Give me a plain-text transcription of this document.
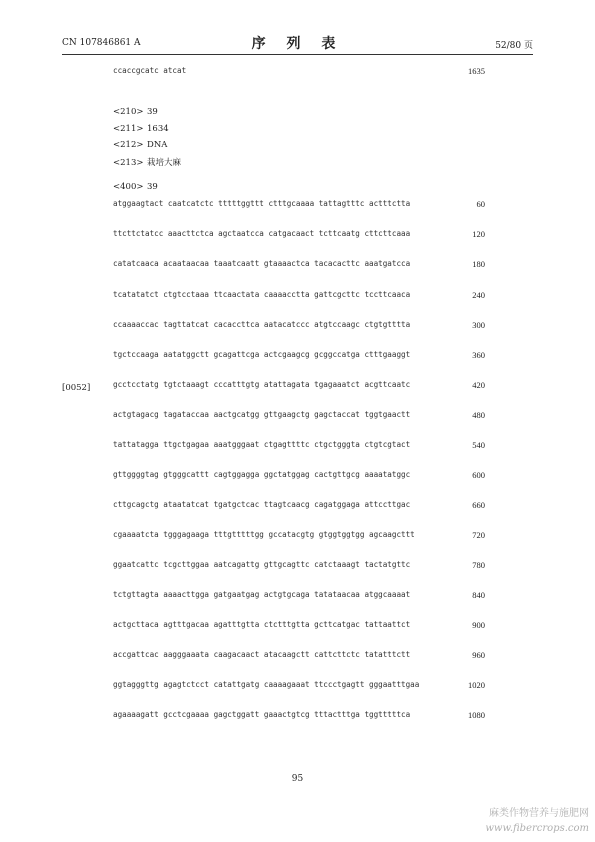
CN 107846861 A	序 列 表	52/80 页
ccaccgcatc atcat	1635
<210> 39
<211> 1634
<212> DNA
<213> 栽培大麻
<400> 39
[0052]
atggaagtact caatcatctc tttttggttt ctttgcaaaa tattagtttc actttctta	60
ttcttctatcc aaacttctca agctaatcca catgacaact tcttcaatg cttcttcaaa	120
catatcaaca acaataacaa taaatcaatt gtaaaactca tacacacttc aaatgatcca	180
tcatatatct ctgtcctaaa ttcaactata caaaacctta gattcgcttc tccttcaaca	240
ccaaaaccac tagttatcat cacaccttca aatacatccc atgtccaagc ctgtgtttta	300
tgctccaaga aatatggctt gcagattcga actcgaagcg gcggccatga ctttgaaggt	360
gcctcctatg tgtctaaagt cccatttgtg atattagata tgagaaatct acgttcaatc	420
actgtagacg tagataccaa aactgcatgg gttgaagctg gagctaccat tggtgaactt	480
tattatagga ttgctgagaa aaatgggaat ctgagttttc ctgctgggta ctgtcgtact	540
gttggggtag gtgggcattt cagtggagga ggctatggag cactgttgcg aaaatatggc	600
cttgcagctg ataatatcat tgatgctcac ttagtcaacg cagatggaga attccttgac	660
cgaaaatcta tgggagaaga tttgtttttgg gccatacgtg gtggtggtgg agcaagcttt	720
ggaatcattc tcgcttggaa aatcagattg gttgcagttc catctaaagt tactatgttc	780
tctgttagta aaaacttgga gatgaatgag actgtgcaga tatataacaa atggcaaaat	840
actgcttaca agtttgacaa agatttgtta ctctttgtta gcttcatgac tattaattct	900
accgattcac aagggaaata caagacaact atacaagctt cattcttctc tatatttctt	960
ggtagggttg agagtctcct catattgatg caaaagaaat ttccctgagtt gggaatttgaa	1020
agaaaagatt gcctcgaaaa gagctggatt gaaactgtcg tttactttga tggtttttca	1080
95
麻类作物营养与施肥网
www.fibercrops.com
